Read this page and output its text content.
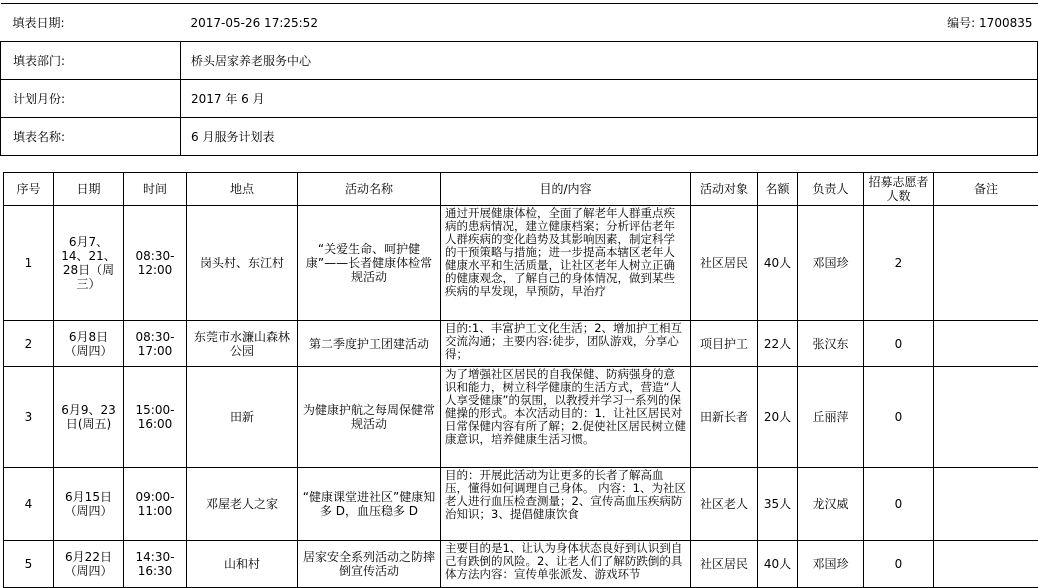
填表日期:	2017-05-26 17:25:52	编号: 1700835
填表部门:	桥头居家养老服务中心	
计划月份:	2017 年 6 月	
填表名称:	6 月服务计划表	
序号	日期	时间	地点	活动名称	目的/内容	活动对象	名额	负责人	招募志愿者人数	备注
1	6月7、14、21、28日（周三）	08:30-12:00	岗头村、东江村	“关爱生命、呵护健康”——长者健康体检常规活动	通过开展健康体检，全面了解老年人群重点疾病的患病情况，建立健康档案；分析评估老年人群疾病的变化趋势及其影响因素，制定科学的干预策略与措施；进一步提高本辖区老年人健康水平和生活质量，让社区老年人树立正确的健康观念，了解自己的身体情况，做到某些疾病的早发现，早预防，早治疗	社区居民	40人	邓国珍	2	
2	6月8日（周四）	08:30-17:00	东莞市水濂山森林公园	第二季度护工团建活动	目的:1、丰富护工文化生活；2、增加护工相互交流沟通；主要内容:徒步，团队游戏，分享心得；	项目护工	22人	张汉东	0	
3	6月9、23日(周五)	15:00-16:00	田新	为健康护航之每周保健常规活动	为了增强社区居民的自我保健、防病强身的意识和能力，树立科学健康的生活方式，营造“人人享受健康”的氛围，以教授并学习一系列的保健操的形式。本次活动目的：1．让社区居民对日常保健内容有所了解；2.促使社区居民树立健康意识，培养健康生活习惯。	田新长者	20人	丘丽萍	0	
4	6月15日（周四）	09:00-11:00	邓屋老人之家	“健康课堂进社区”健康知多 D，血压稳多 D	目的：开展此活动为让更多的长者了解高血压，懂得如何调理自己身体。 内容：1、为社区老人进行血压检查测量；2、宣传高血压疾病防治知识；3、提倡健康饮食	社区老人	35人	龙汉威	0	
5	6月22日（周四）	14:30-16:30	山和村	居家安全系列活动之防摔倒宣传活动	主要目的是1、让认为身体状态良好到认识到自己有跌倒的风险。2、让老人们了解防跌倒的具体方法内容：宣传单张派发、游戏环节	社区居民	40人	邓国珍	0	
